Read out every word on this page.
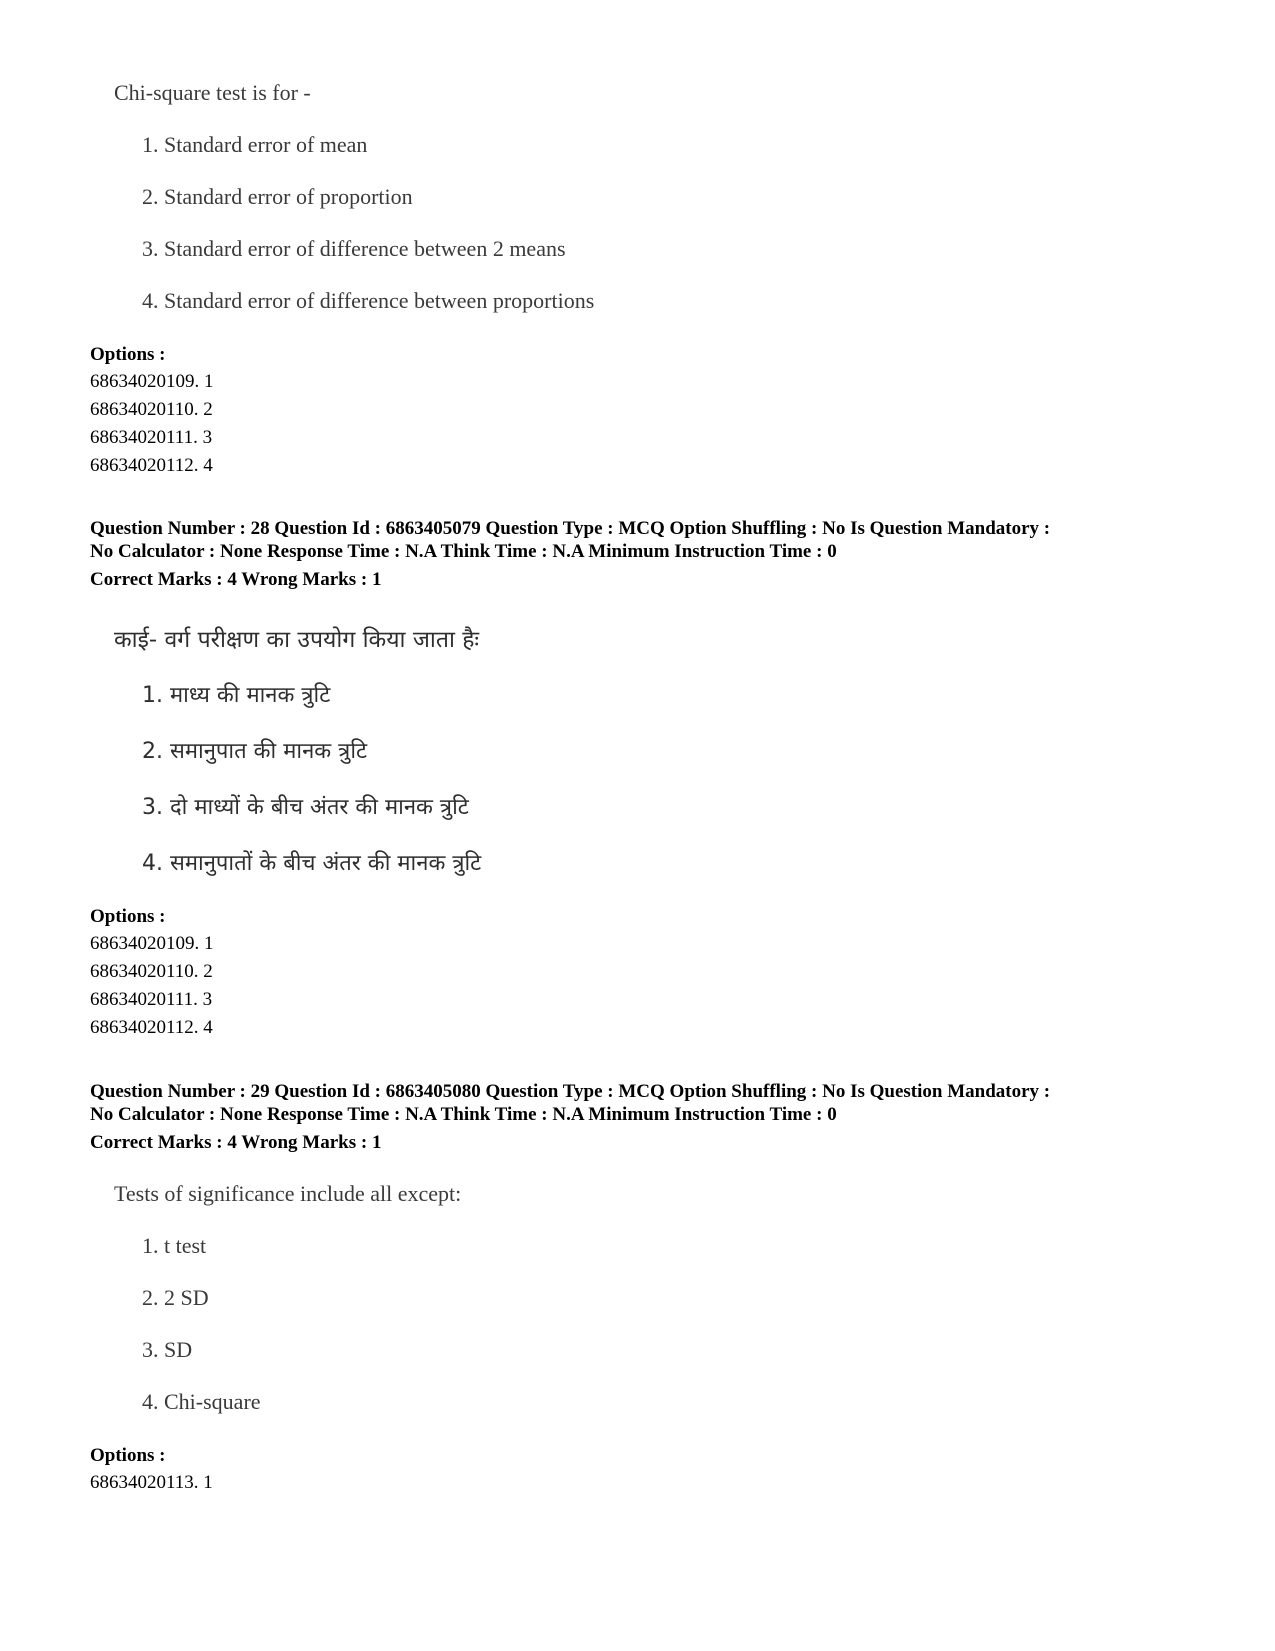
Chi-square test is for -
1. Standard error of mean
2. Standard error of proportion
3. Standard error of difference between 2 means
4. Standard error of difference between proportions
Options :
68634020109. 1
68634020110. 2
68634020111. 3
68634020112. 4
Question Number : 28 Question Id : 6863405079 Question Type : MCQ Option Shuffling : No Is Question Mandatory :
No Calculator : None Response Time : N.A Think Time : N.A Minimum Instruction Time : 0
Correct Marks : 4 Wrong Marks : 1
काई- वर्ग परीक्षण का उपयोग किया जाता हैः
1. माध्य की मानक त्रुटि
2. समानुपात की मानक त्रुटि
3. दो माध्यों के बीच अंतर की मानक त्रुटि
4. समानुपातों के बीच अंतर की मानक त्रुटि
Options :
68634020109. 1
68634020110. 2
68634020111. 3
68634020112. 4
Question Number : 29 Question Id : 6863405080 Question Type : MCQ Option Shuffling : No Is Question Mandatory :
No Calculator : None Response Time : N.A Think Time : N.A Minimum Instruction Time : 0
Correct Marks : 4 Wrong Marks : 1
Tests of significance include all except:
1. t test
2. 2 SD
3. SD
4. Chi-square
Options :
68634020113. 1
